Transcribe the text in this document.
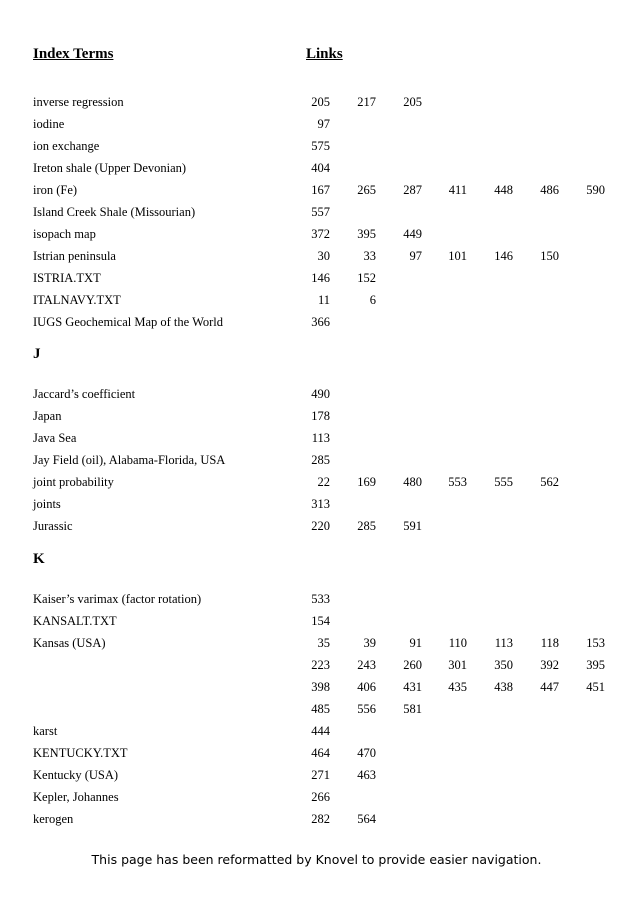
Index Terms	Links
inverse regression	205	217	205
iodine	97
ion exchange	575
Ireton shale (Upper Devonian)	404
iron (Fe)	167	265	287	411	448	486	590
Island Creek Shale (Missourian)	557
isopach map	372	395	449
Istrian peninsula	30	33	97	101	146	150
ISTRIA.TXT	146	152
ITALNAVY.TXT	11	6
IUGS Geochemical Map of the World	366
J
Jaccard’s coefficient	490
Japan	178
Java Sea	113
Jay Field (oil), Alabama-Florida, USA	285
joint probability	22	169	480	553	555	562
joints	313
Jurassic	220	285	591
K
Kaiser’s varimax (factor rotation)	533
KANSALT.TXT	154
Kansas (USA)	35	39	91	110	113	118	153
223	243	260	301	350	392	395
398	406	431	435	438	447	451
485	556	581
karst	444
KENTUCKY.TXT	464	470
Kentucky (USA)	271	463
Kepler, Johannes	266
kerogen	282	564
This page has been reformatted by Knovel to provide easier navigation.
